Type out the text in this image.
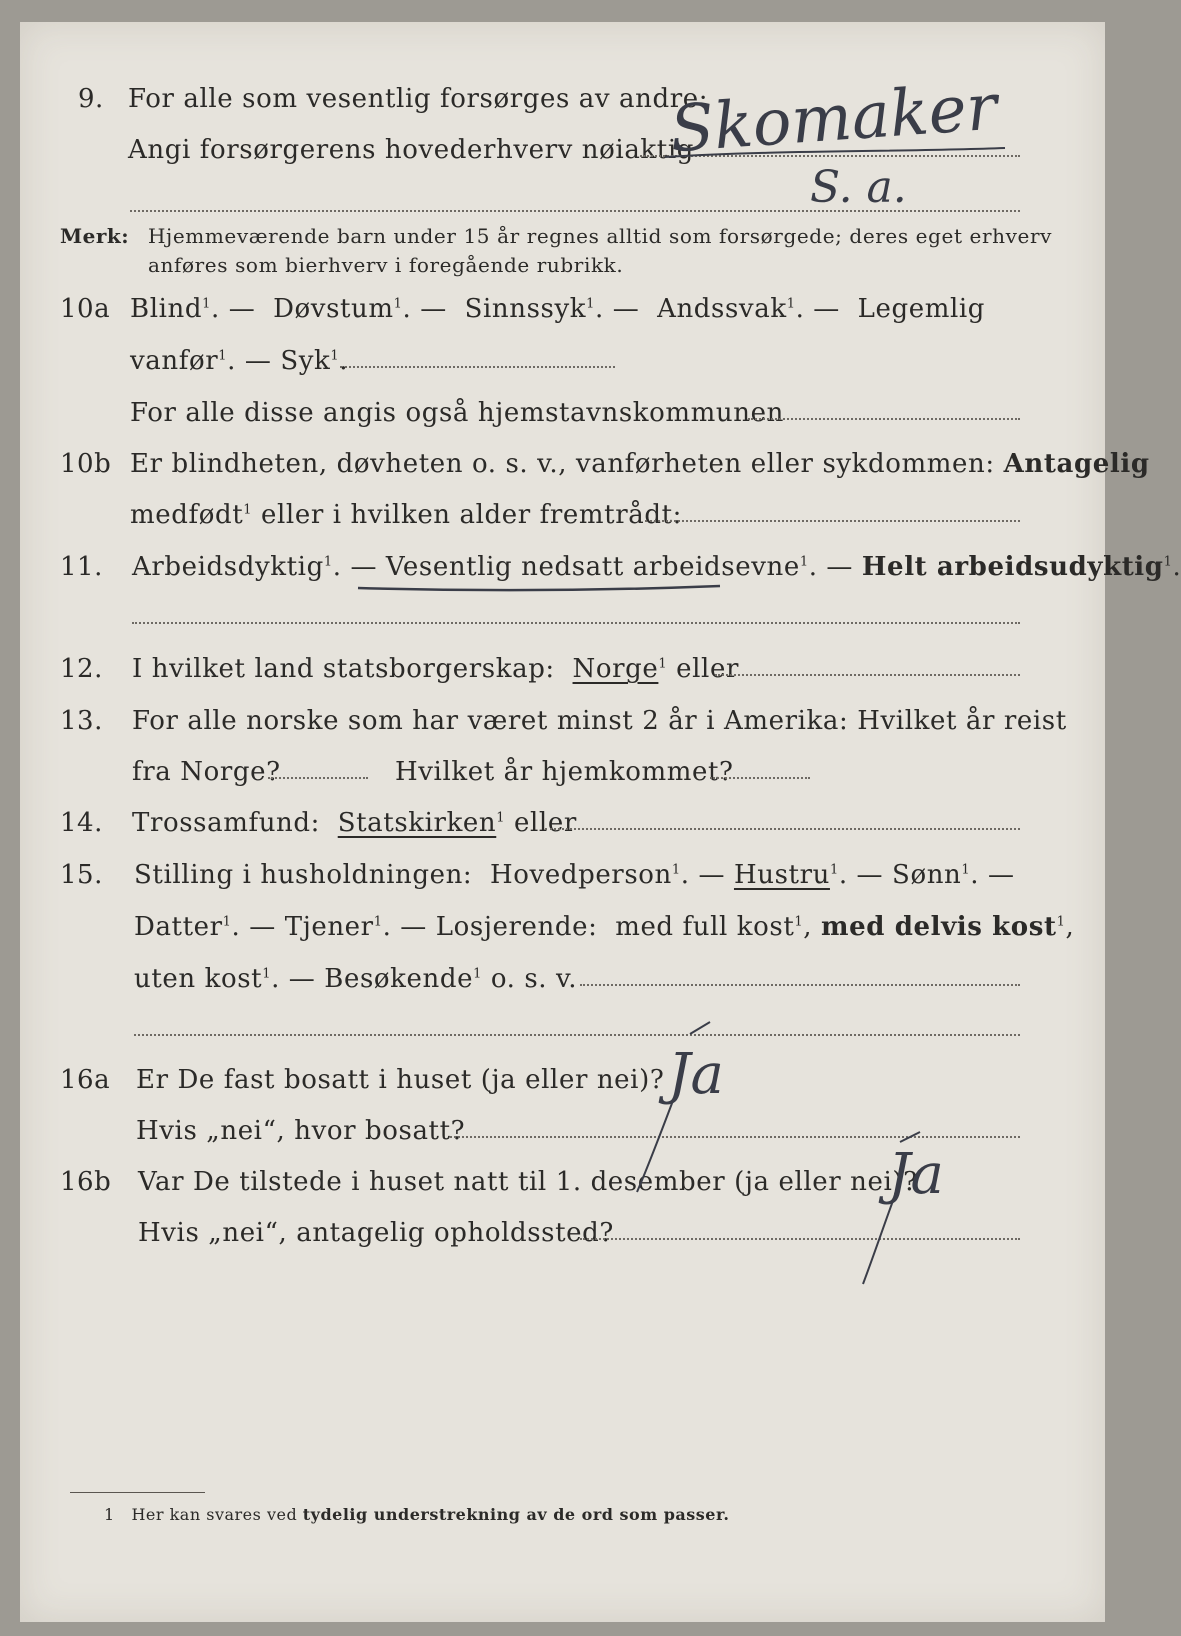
9. For alle som vesentlig forsørges av andre:
Angi forsørgerens hovederhverv nøiaktig
Skomaker
S. a.
Merk: Hjemmeværende barn under 15 år regnes alltid som forsørgede; deres eget erhverv
anføres som bierhverv i foregående rubrikk.
10a Blind$^1$. —  Døvstum$^1$. —  Sinnssyk$^1$. —  Andssvak$^1$. —  Legemlig
vanfør$^1$. — Syk$^1$.
For alle disse angis også hjemstavnskommunen
10b Er blindheten, døvheten o. s. v., vanførheten eller sykdommen: Antagelig
medfødt$^1$ eller i hvilken alder fremtrådt:
11. Arbeidsdyktig$^1$. — Vesentlig nedsatt arbeidsevne$^1$. — Helt arbeidsudyktig$^1$.
12. I hvilket land statsborgerskap: Norge$^1$ eller
13. For alle norske som har været minst 2 år i Amerika: Hvilket år reist
fra Norge?	Hvilket år hjemkommet?
14. Trossamfund: Statskirken$^1$ eller
15. Stilling i husholdningen: Hovedperson$^1$. — Hustru$^1$. — Sønn$^1$. —
Datter$^1$. — Tjener$^1$. — Losjerende: med full kost$^1$, med delvis kost$^1$,
uten kost$^1$. — Besøkende$^1$ o. s. v.
16a Er De fast bosatt i huset (ja eller nei)? Ja
Hvis „nei“, hvor bosatt?
16b Var De tilstede i huset natt til 1. desember (ja eller nei)?
Ja
Hvis „nei“, antagelig opholdssted?
1 Her kan svares ved tydelig understrekning av de ord som passer.
